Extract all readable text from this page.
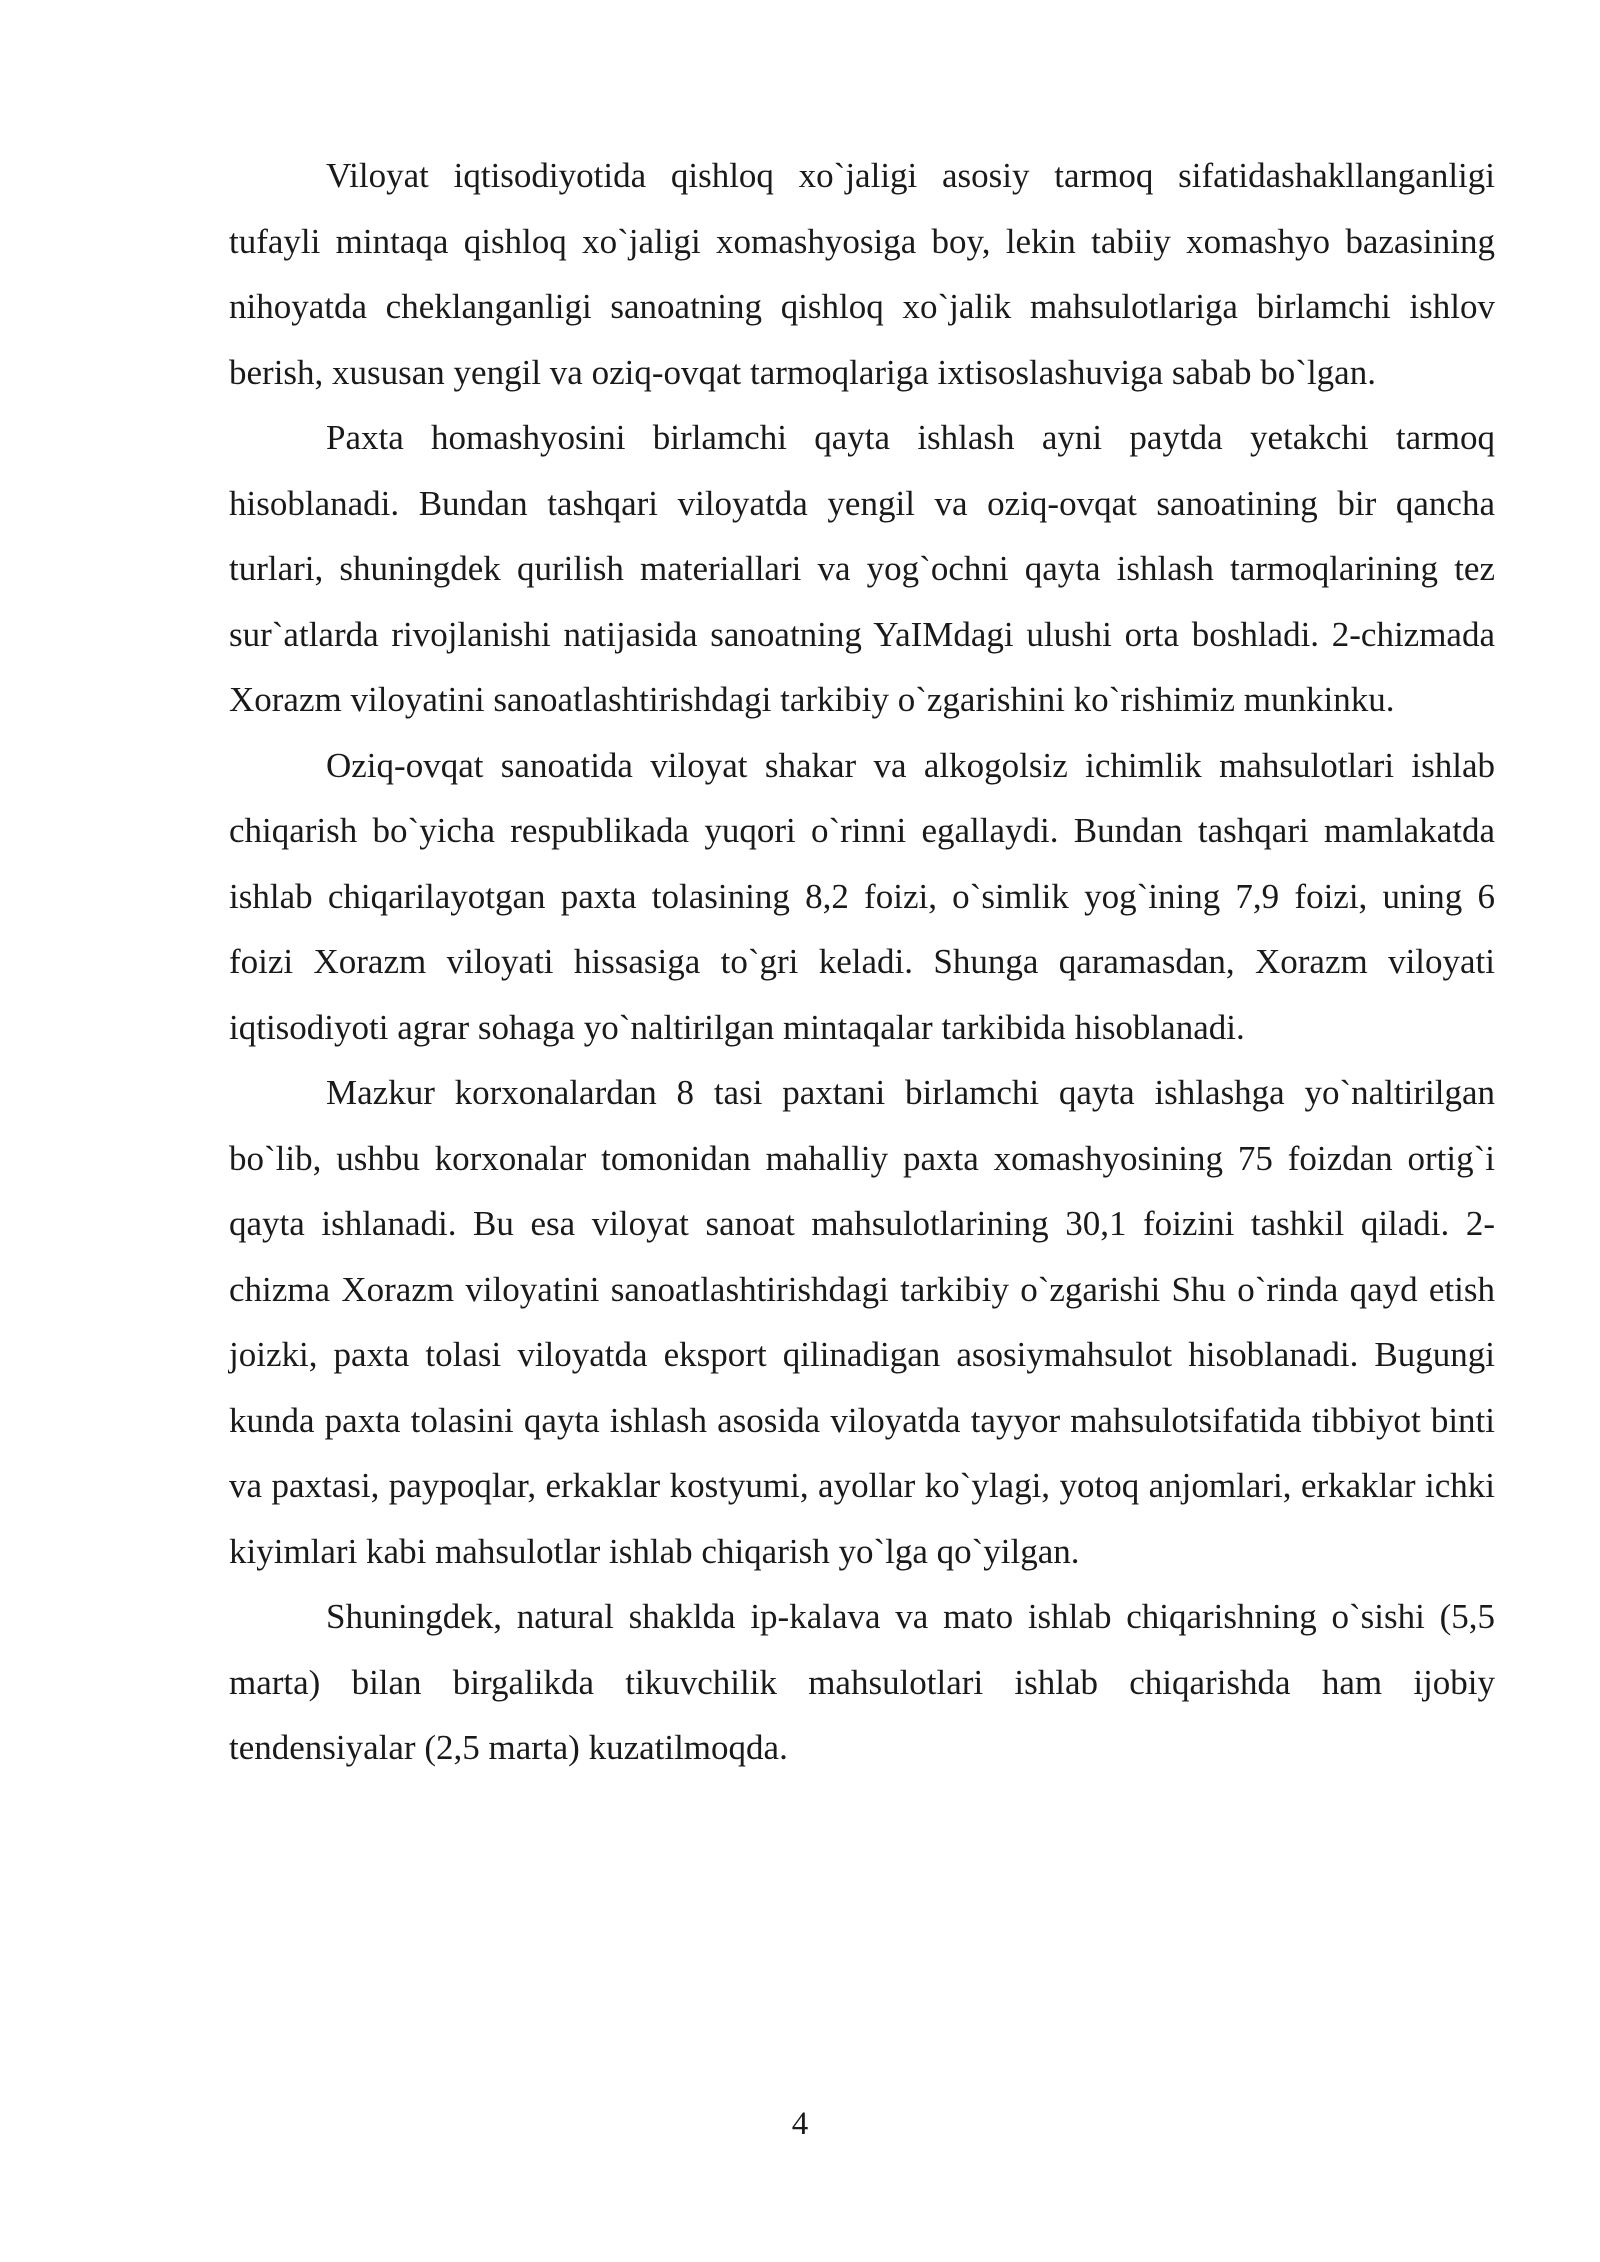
Viloyat iqtisodiyotida qishloq xo`jaligi asosiy tarmoq sifatidashakllanganligi tufayli mintaqa qishloq xo`jaligi xomashyosiga boy, lekin tabiiy xomashyo bazasining nihoyatda cheklanganligi sanoatning qishloq xo`jalik mahsulotlariga birlamchi ishlov berish, xususan yengil va oziq-ovqat tarmoqlariga ixtisoslashuviga sabab bo`lgan.

Paxta homashyosini birlamchi qayta ishlash ayni paytda yetakchi tarmoq hisoblanadi. Bundan tashqari viloyatda yengil va oziq-ovqat sanoatining bir qancha turlari, shuningdek qurilish materiallari va yog`ochni qayta ishlash tarmoqlarining tez sur`atlarda rivojlanishi natijasida sanoatning YaIMdagi ulushi orta boshladi. 2-chizmada Xorazm viloyatini sanoatlashtirishdagi tarkibiy o`zgarishini ko`rishimiz munkinku.

Oziq-ovqat sanoatida viloyat shakar va alkogolsiz ichimlik mahsulotlari ishlab chiqarish bo`yicha respublikada yuqori o`rinni egallaydi. Bundan tashqari mamlakatda ishlab chiqarilayotgan paxta tolasining 8,2 foizi, o`simlik yog`ining 7,9 foizi, uning 6 foizi Xorazm viloyati hissasiga to`gri keladi. Shunga qaramasdan, Xorazm viloyati iqtisodiyoti agrar sohaga yo`naltirilgan mintaqalar tarkibida hisoblanadi.

Mazkur korxonalardan 8 tasi paxtani birlamchi qayta ishlashga yo`naltirilgan bo`lib, ushbu korxonalar tomonidan mahalliy paxta xomashyosining 75 foizdan ortig`i qayta ishlanadi. Bu esa viloyat sanoat mahsulotlarining 30,1 foizini tashkil qiladi. 2-chizma Xorazm viloyatini sanoatlashtirishdagi tarkibiy o`zgarishi Shu o`rinda qayd etish joizki, paxta tolasi viloyatda eksport qilinadigan asosiymahsulot hisoblanadi. Bugungi kunda paxta tolasini qayta ishlash asosida viloyatda tayyor mahsulotsifatida tibbiyot binti va paxtasi, paypoqlar, erkaklar kostyumi, ayollar ko`ylagi, yotoq anjomlari, erkaklar ichki kiyimlari kabi mahsulotlar ishlab chiqarish yo`lga qo`yilgan.

Shuningdek, natural shaklda ip-kalava va mato ishlab chiqarishning o`sishi (5,5 marta) bilan birgalikda tikuvchilik mahsulotlari ishlab chiqarishda ham ijobiy tendensiyalar (2,5 marta) kuzatilmoqda.

4
